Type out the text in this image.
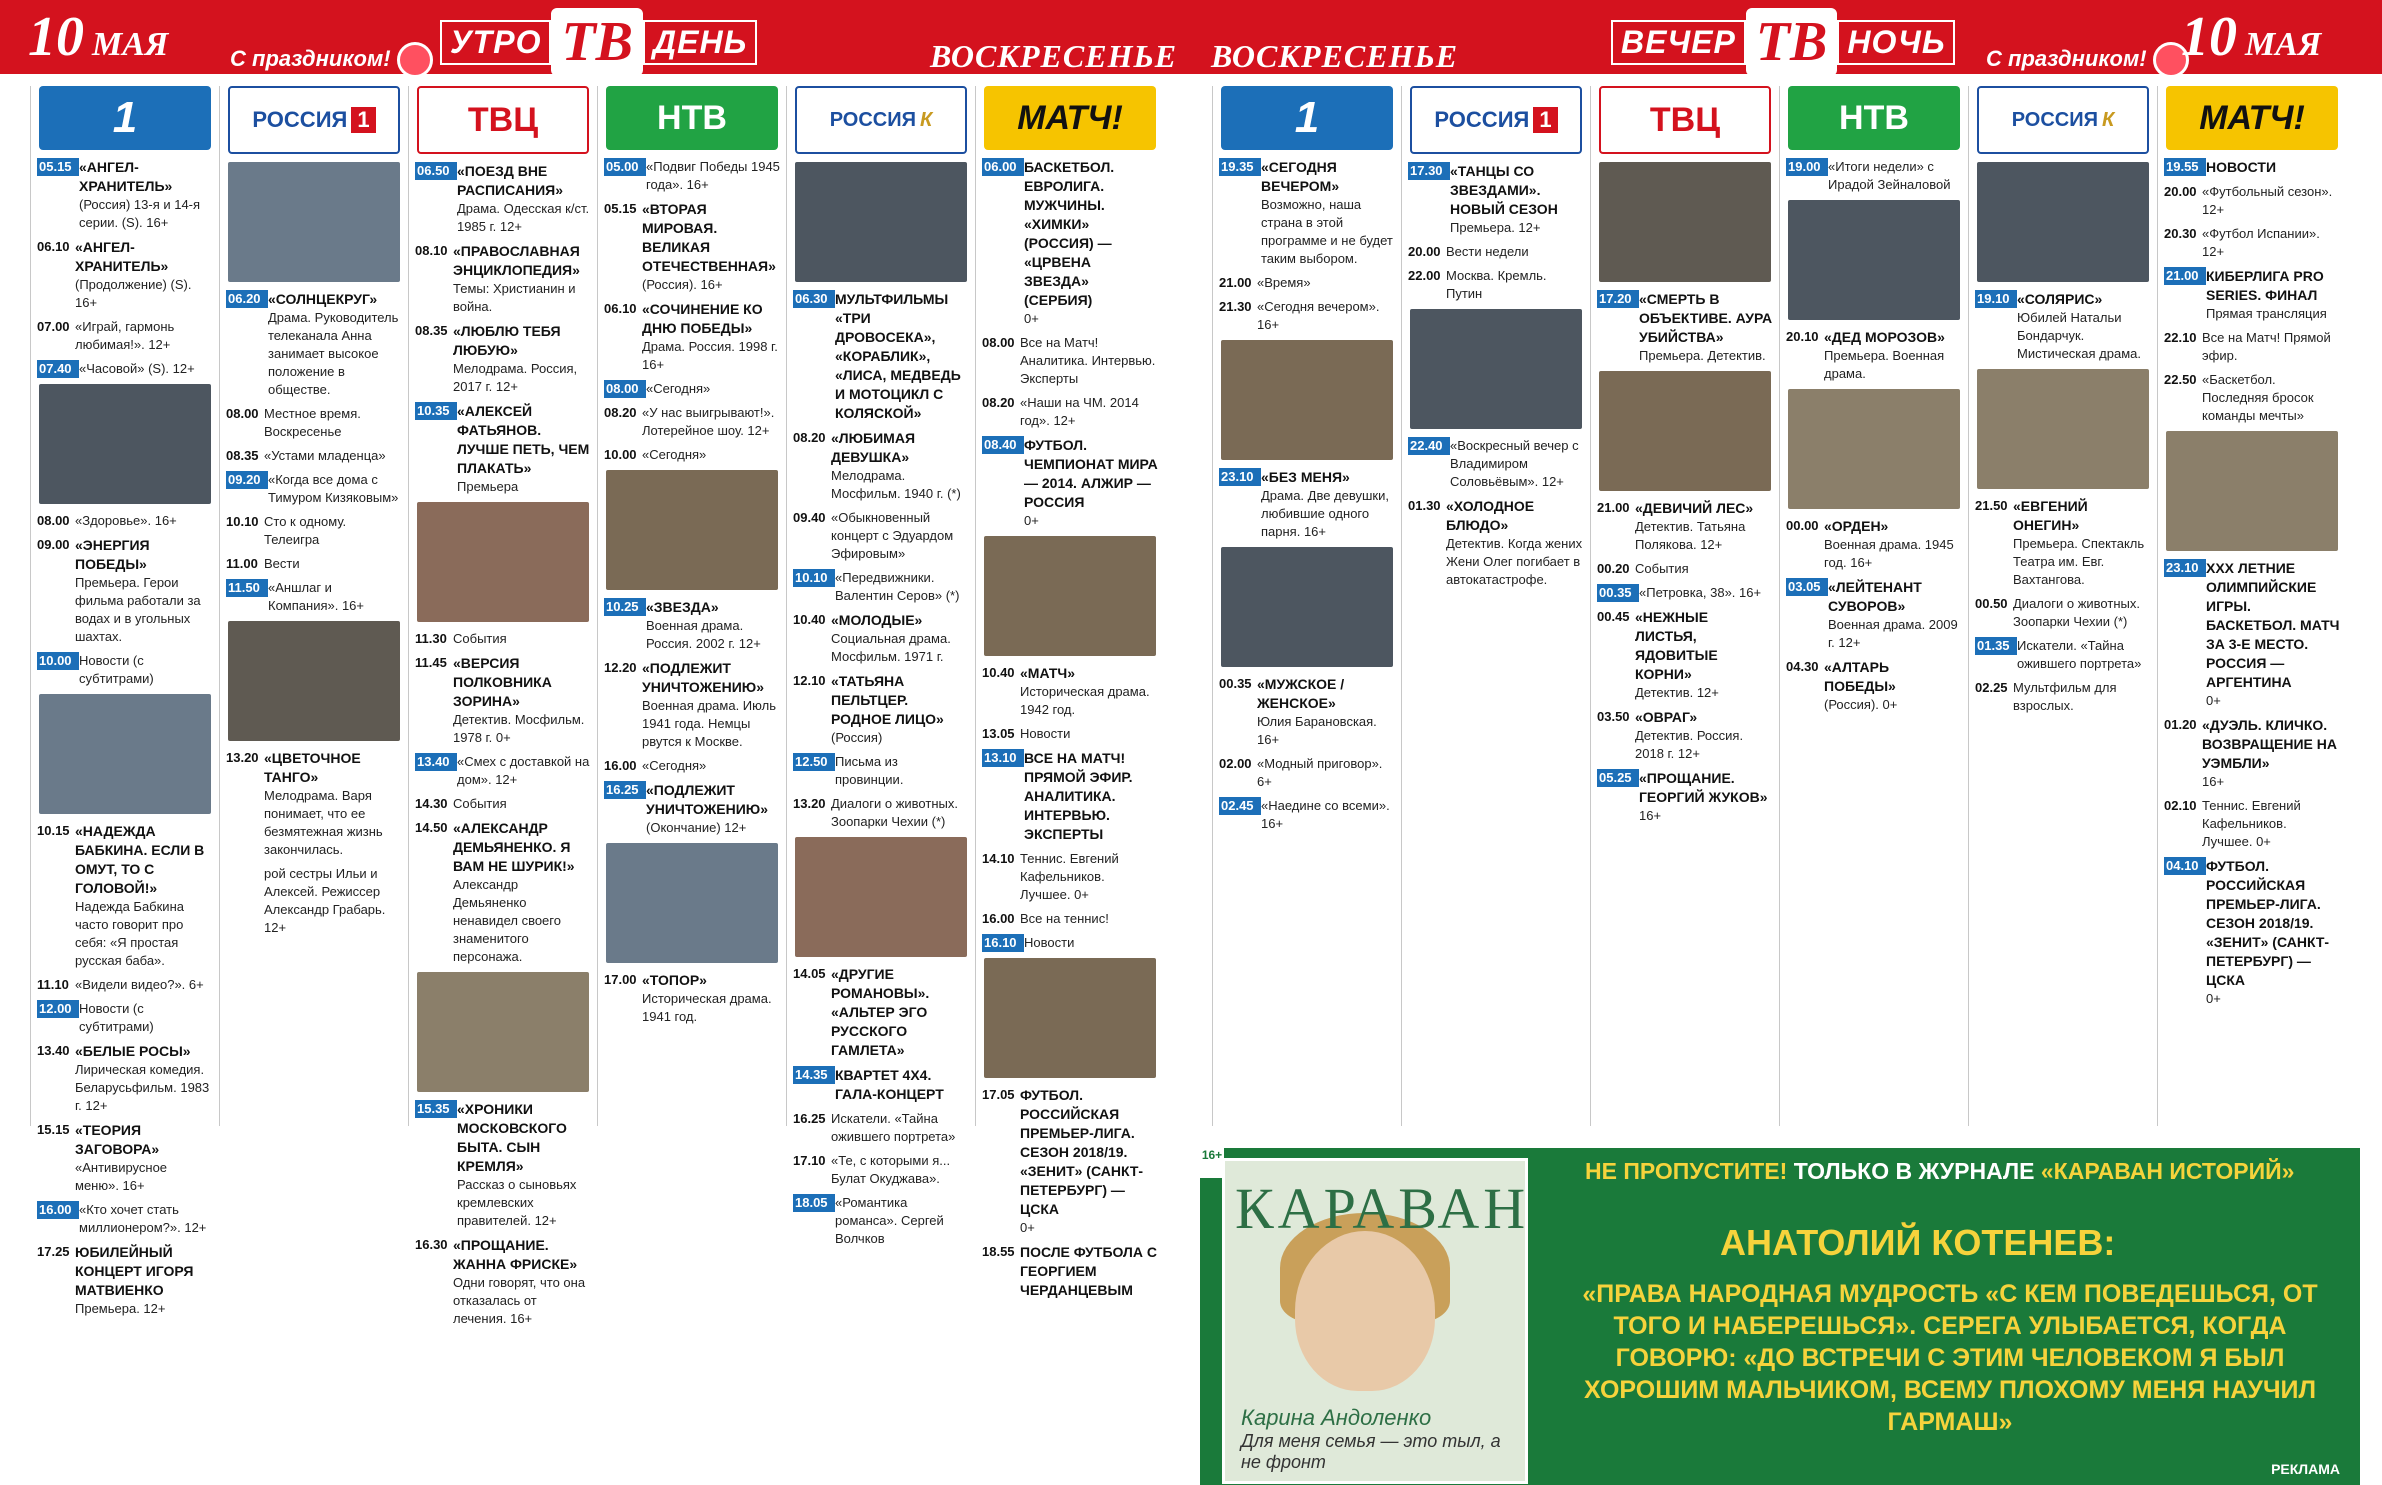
10 МАЯ	С праздником!	УТРО ТВ ДЕНЬ	ВОСКРЕСЕНЬЕ ВОСКРЕСЕНЬЕ	ВЕЧЕР ТВ НОЧЬ	С праздником! 10 МАЯ
1
05.15 «АНГЕЛ-ХРАНИТЕЛЬ»
(Россия) 13-я и 14-я серии. (S). 16+
06.10 «АНГЕЛ-ХРАНИТЕЛЬ»
(Продолжение) (S). 16+
07.00 «Играй, гармонь любимая!». 12+
07.40 «Часовой» (S). 12+
08.00 «Здоровье». 16+
09.00 «ЭНЕРГИЯ ПОБЕДЫ»
Премьера. Герои фильма работали за водах и в угольных шахтах.
10.00 Новости (с субтитрами)
10.15 «НАДЕЖДА БАБКИНА. ЕСЛИ В ОМУТ, ТО С ГОЛОВОЙ!»
Надежда Бабкина часто говорит про себя: «Я простая русская баба».
11.10 «Видели видео?». 6+
12.00 Новости (с субтитрами)
13.40 «БЕЛЫЕ РОСЫ»
Лирическая комедия. Беларусьфильм. 1983 г. 12+
15.15 «ТЕОРИЯ ЗАГОВОРА»
«Антивирусное меню». 16+
16.00 «Кто хочет стать миллионером?». 12+
17.25 ЮБИЛЕЙНЫЙ КОНЦЕРТ ИГОРЯ МАТВИЕНКО
Премьера. 12+
РОССИЯ 1
06.20 «СОЛНЦЕКРУГ»
Драма. Руководитель телеканала Анна занимает высокое положение в обществе.
08.00 Местное время. Воскресенье
08.35 «Устами младенца»
09.20 «Когда все дома с Тимуром Кизяковым»
10.10 Сто к одному. Телеигра
11.00 Вести
11.50 «Аншлаг и Компания». 16+
13.20 «ЦВЕТОЧНОЕ ТАНГО»
Мелодрама. Варя понимает, что ее безмятежная жизнь закончилась.
рой сестры Ильи и Алексей. Режиссер Александр Грабарь. 12+
ТВЦ
06.50 «ПОЕЗД ВНЕ РАСПИСАНИЯ»
Драма. Одесская к/ст. 1985 г. 12+
08.10 «ПРАВОСЛАВНАЯ ЭНЦИКЛОПЕДИЯ»
Темы: Христианин и война.
08.35 «ЛЮБЛЮ ТЕБЯ ЛЮБУЮ»
Мелодрама. Россия, 2017 г. 12+
10.35 «АЛЕКСЕЙ ФАТЬЯНОВ. ЛУЧШЕ ПЕТЬ, ЧЕМ ПЛАКАТЬ»
Премьера
11.30 События
11.45 «ВЕРСИЯ ПОЛКОВНИКА ЗОРИНА»
Детектив. Мосфильм. 1978 г. 0+
13.40 «Смех с доставкой на дом». 12+
14.30 События
14.50 «АЛЕКСАНДР ДЕМЬЯНЕНКО. Я ВАМ НЕ ШУРИК!»
Александр Демьяненко ненавидел своего знаменитого персонажа.
15.35 «ХРОНИКИ МОСКОВСКОГО БЫТА. СЫН КРЕМЛЯ»
Рассказ о сыновьях кремлевских правителей. 12+
16.30 «ПРОЩАНИЕ. ЖАННА ФРИСКЕ»
Одни говорят, что она отказалась от лечения. 16+
НТВ
05.00 «Подвиг Победы 1945 года». 16+
05.15 «ВТОРАЯ МИРОВАЯ. ВЕЛИКАЯ ОТЕЧЕСТВЕННАЯ»
(Россия). 16+
06.10 «СОЧИНЕНИЕ КО ДНЮ ПОБЕДЫ»
Драма. Россия. 1998 г. 16+
08.00 «Сегодня»
08.20 «У нас выигрывают!». Лотерейное шоу. 12+
10.00 «Сегодня»
10.25 «ЗВЕЗДА»
Военная драма. Россия. 2002 г. 12+
12.20 «ПОДЛЕЖИТ УНИЧТОЖЕНИЮ»
Военная драма. Июль 1941 года. Немцы рвутся к Москве.
16.00 «Сегодня»
16.25 «ПОДЛЕЖИТ УНИЧТОЖЕНИЮ»
(Окончание) 12+
17.00 «ТОПОР»
Историческая драма. 1941 год.
РОССИЯ К
06.30 МУЛЬТФИЛЬМЫ «ТРИ ДРОВОСЕКА», «КОРАБЛИК», «ЛИСА, МЕДВЕДЬ И МОТОЦИКЛ С КОЛЯСКОЙ»
08.20 «ЛЮБИМАЯ ДЕВУШКА»
Мелодрама. Мосфильм. 1940 г. (*)
09.40 «Обыкновенный концерт с Эдуардом Эфировым»
10.10 «Передвижники. Валентин Серов» (*)
10.40 «МОЛОДЫЕ»
Социальная драма. Мосфильм. 1971 г.
12.10 «ТАТЬЯНА ПЕЛЬТЦЕР. РОДНОЕ ЛИЦО»
(Россия)
12.50 Письма из провинции.
13.20 Диалоги о животных. Зоопарки Чехии (*)
14.05 «ДРУГИЕ РОМАНОВЫ». «АЛЬТЕР ЭГО РУССКОГО ГАМЛЕТА»
14.35 КВАРТЕТ 4Х4. ГАЛА-КОНЦЕРТ
16.25 Искатели. «Тайна ожившего портрета»
17.10 «Те, с которыми я... Булат Окуджава».
18.05 «Романтика романса». Сергей Волчков
МАТЧ!
06.00 БАСКЕТБОЛ. ЕВРОЛИГА. МУЖЧИНЫ. «ХИМКИ» (РОССИЯ) — «ЦРВЕНА ЗВЕЗДА» (СЕРБИЯ)
0+
08.00 Все на Матч! Аналитика. Интервью. Эксперты
08.20 «Наши на ЧМ. 2014 год». 12+
08.40 ФУТБОЛ. ЧЕМПИОНАТ МИРА — 2014. АЛЖИР — РОССИЯ
0+
10.40 «МАТЧ»
Историческая драма. 1942 год.
13.05 Новости
13.10 ВСЕ НА МАТЧ! ПРЯМОЙ ЭФИР. АНАЛИТИКА. ИНТЕРВЬЮ. ЭКСПЕРТЫ
14.10 Теннис. Евгений Кафельников. Лучшее. 0+
16.00 Все на теннис!
16.10 Новости
17.05 ФУТБОЛ. РОССИЙСКАЯ ПРЕМЬЕР-ЛИГА. СЕЗОН 2018/19. «ЗЕНИТ» (САНКТ-ПЕТЕРБУРГ) — ЦСКА
0+
18.55 ПОСЛЕ ФУТБОЛА С ГЕОРГИЕМ ЧЕРДАНЦЕВЫМ
1
19.35 «СЕГОДНЯ ВЕЧЕРОМ»
Возможно, наша страна в этой программе и не будет таким выбором.
21.00 «Время»
21.30 «Сегодня вечером». 16+
23.10 «БЕЗ МЕНЯ»
Драма. Две девушки, любившие одного парня. 16+
00.35 «МУЖСКОЕ / ЖЕНСКОЕ»
Юлия Барановская. 16+
02.00 «Модный приговор». 6+
02.45 «Наедине со всеми». 16+
РОССИЯ 1
17.30 «ТАНЦЫ СО ЗВЕЗДАМИ». НОВЫЙ СЕЗОН
Премьера. 12+
20.00 Вести недели
22.00 Москва. Кремль. Путин
22.40 «Воскресный вечер с Владимиром Соловьёвым». 12+
01.30 «ХОЛОДНОЕ БЛЮДО»
Детектив. Когда жених Жени Олег погибает в автокатастрофе.
ТВЦ
17.20 «СМЕРТЬ В ОБЪЕКТИВЕ. АУРА УБИЙСТВА»
Премьера. Детектив.
21.00 «ДЕВИЧИЙ ЛЕС»
Детектив. Татьяна Полякова. 12+
00.20 События
00.35 «Петровка, 38». 16+
00.45 «НЕЖНЫЕ ЛИСТЬЯ, ЯДОВИТЫЕ КОРНИ»
Детектив. 12+
03.50 «ОВРАГ»
Детектив. Россия. 2018 г. 12+
05.25 «ПРОЩАНИЕ. ГЕОРГИЙ ЖУКОВ»
16+
НТВ
19.00 «Итоги недели» с Ирадой Зейналовой
20.10 «ДЕД МОРОЗОВ»
Премьера. Военная драма.
00.00 «ОРДЕН»
Военная драма. 1945 год. 16+
03.05 «ЛЕЙТЕНАНТ СУВОРОВ»
Военная драма. 2009 г. 12+
04.30 «АЛТАРЬ ПОБЕДЫ»
(Россия). 0+
РОССИЯ К
19.10 «СОЛЯРИС»
Юбилей Натальи Бондарчук. Мистическая драма.
21.50 «ЕВГЕНИЙ ОНЕГИН»
Премьера. Спектакль Театра им. Евг. Вахтангова.
00.50 Диалоги о животных. Зоопарки Чехии (*)
01.35 Искатели. «Тайна ожившего портрета»
02.25 Мультфильм для взрослых.
МАТЧ!
19.55 НОВОСТИ
20.00 «Футбольный сезон». 12+
20.30 «Футбол Испании». 12+
21.00 КИБЕРЛИГА PRO SERIES. ФИНАЛ
Прямая трансляция
22.10 Все на Матч! Прямой эфир.
22.50 «Баскетбол. Последняя бросок команды мечты»
23.10 XXX ЛЕТНИЕ ОЛИМПИЙСКИЕ ИГРЫ. БАСКЕТБОЛ. МАТЧ ЗА 3-Е МЕСТО. РОССИЯ — АРГЕНТИНА
0+
01.20 «ДУЭЛЬ. КЛИЧКО. ВОЗВРАЩЕНИЕ НА УЭМБЛИ»
16+
02.10 Теннис. Евгений Кафельников. Лучшее. 0+
04.10 ФУТБОЛ. РОССИЙСКАЯ ПРЕМЬЕР-ЛИГА. СЕЗОН 2018/19. «ЗЕНИТ» (САНКТ-ПЕТЕРБУРГ) — ЦСКА
0+
КАРАВАН
Карина Андоленко
Для меня семья — это тыл, а не фронт
16+
НЕ ПРОПУСТИТЕ! ТОЛЬКО В ЖУРНАЛЕ «КАРАВАН ИСТОРИЙ»
АНАТОЛИЙ КОТЕНЕВ:
«ПРАВА НАРОДНАЯ МУДРОСТЬ «С КЕМ ПОВЕДЕШЬСЯ, ОТ ТОГО И НАБЕРЕШЬСЯ». СЕРЕГА УЛЫБАЕТСЯ, КОГДА ГОВОРЮ: «ДО ВСТРЕЧИ С ЭТИМ ЧЕЛОВЕКОМ Я БЫЛ ХОРОШИМ МАЛЬЧИКОМ, ВСЕМУ ПЛОХОМУ МЕНЯ НАУЧИЛ ГАРМАШ»
РЕКЛАМА
